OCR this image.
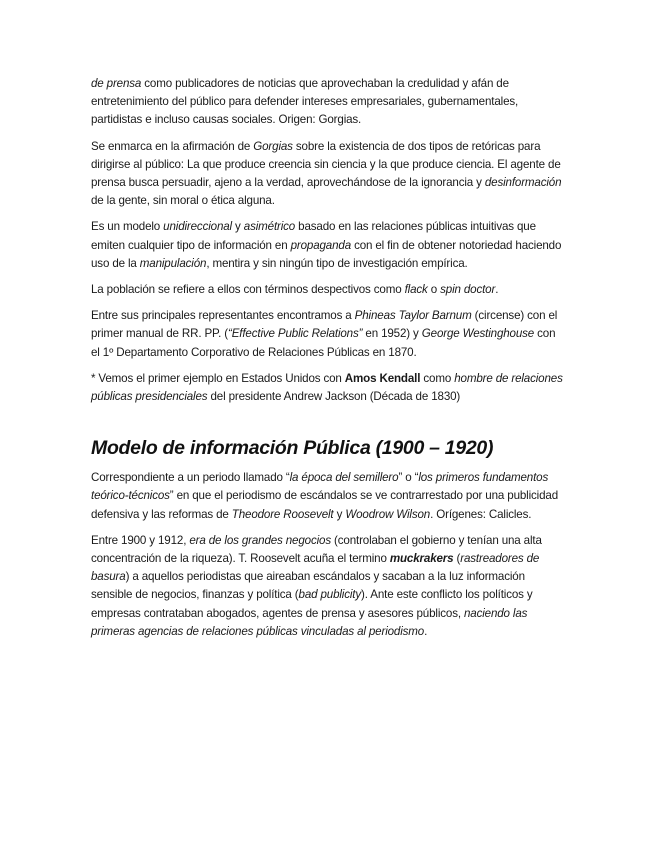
de prensa como publicadores de noticias que aprovechaban la credulidad y afán de entretenimiento del público para defender intereses empresariales, gubernamentales, partidistas e incluso causas sociales. Origen: Gorgias.

Se enmarca en la afirmación de Gorgias sobre la existencia de dos tipos de retóricas para dirigirse al público: La que produce creencia sin ciencia y la que produce ciencia. El agente de prensa busca persuadir, ajeno a la verdad, aprovechándose de la ignorancia y desinformación de la gente, sin moral o ética alguna.

Es un modelo unidireccional y asimétrico basado en las relaciones públicas intuitivas que emiten cualquier tipo de información en propaganda con el fin de obtener notoriedad haciendo uso de la manipulación, mentira y sin ningún tipo de investigación empírica.

La población se refiere a ellos con términos despectivos como flack o spin doctor.

Entre sus principales representantes encontramos a Phineas Taylor Barnum (circense) con el primer manual de RR. PP. (“Effective Public Relations” en 1952) y George Westinghouse con el 1º Departamento Corporativo de Relaciones Públicas en 1870.

* Vemos el primer ejemplo en Estados Unidos con Amos Kendall como hombre de relaciones públicas presidenciales del presidente Andrew Jackson (Década de 1830)

Modelo de información Pública (1900 – 1920)

Correspondiente a un periodo llamado “la época del semillero” o “los primeros fundamentos teórico-técnicos” en que el periodismo de escándalos se ve contrarrestado por una publicidad defensiva y las reformas de Theodore Roosevelt y Woodrow Wilson. Orígenes: Calicles.

Entre 1900 y 1912, era de los grandes negocios (controlaban el gobierno y tenían una alta concentración de la riqueza). T. Roosevelt acuña el termino muckrakers (rastreadores de basura) a aquellos periodistas que aireaban escándalos y sacaban a la luz información sensible de negocios, finanzas y política (bad publicity). Ante este conflicto los políticos y empresas contrataban abogados, agentes de prensa y asesores públicos, naciendo las primeras agencias de relaciones públicas vinculadas al periodismo.
